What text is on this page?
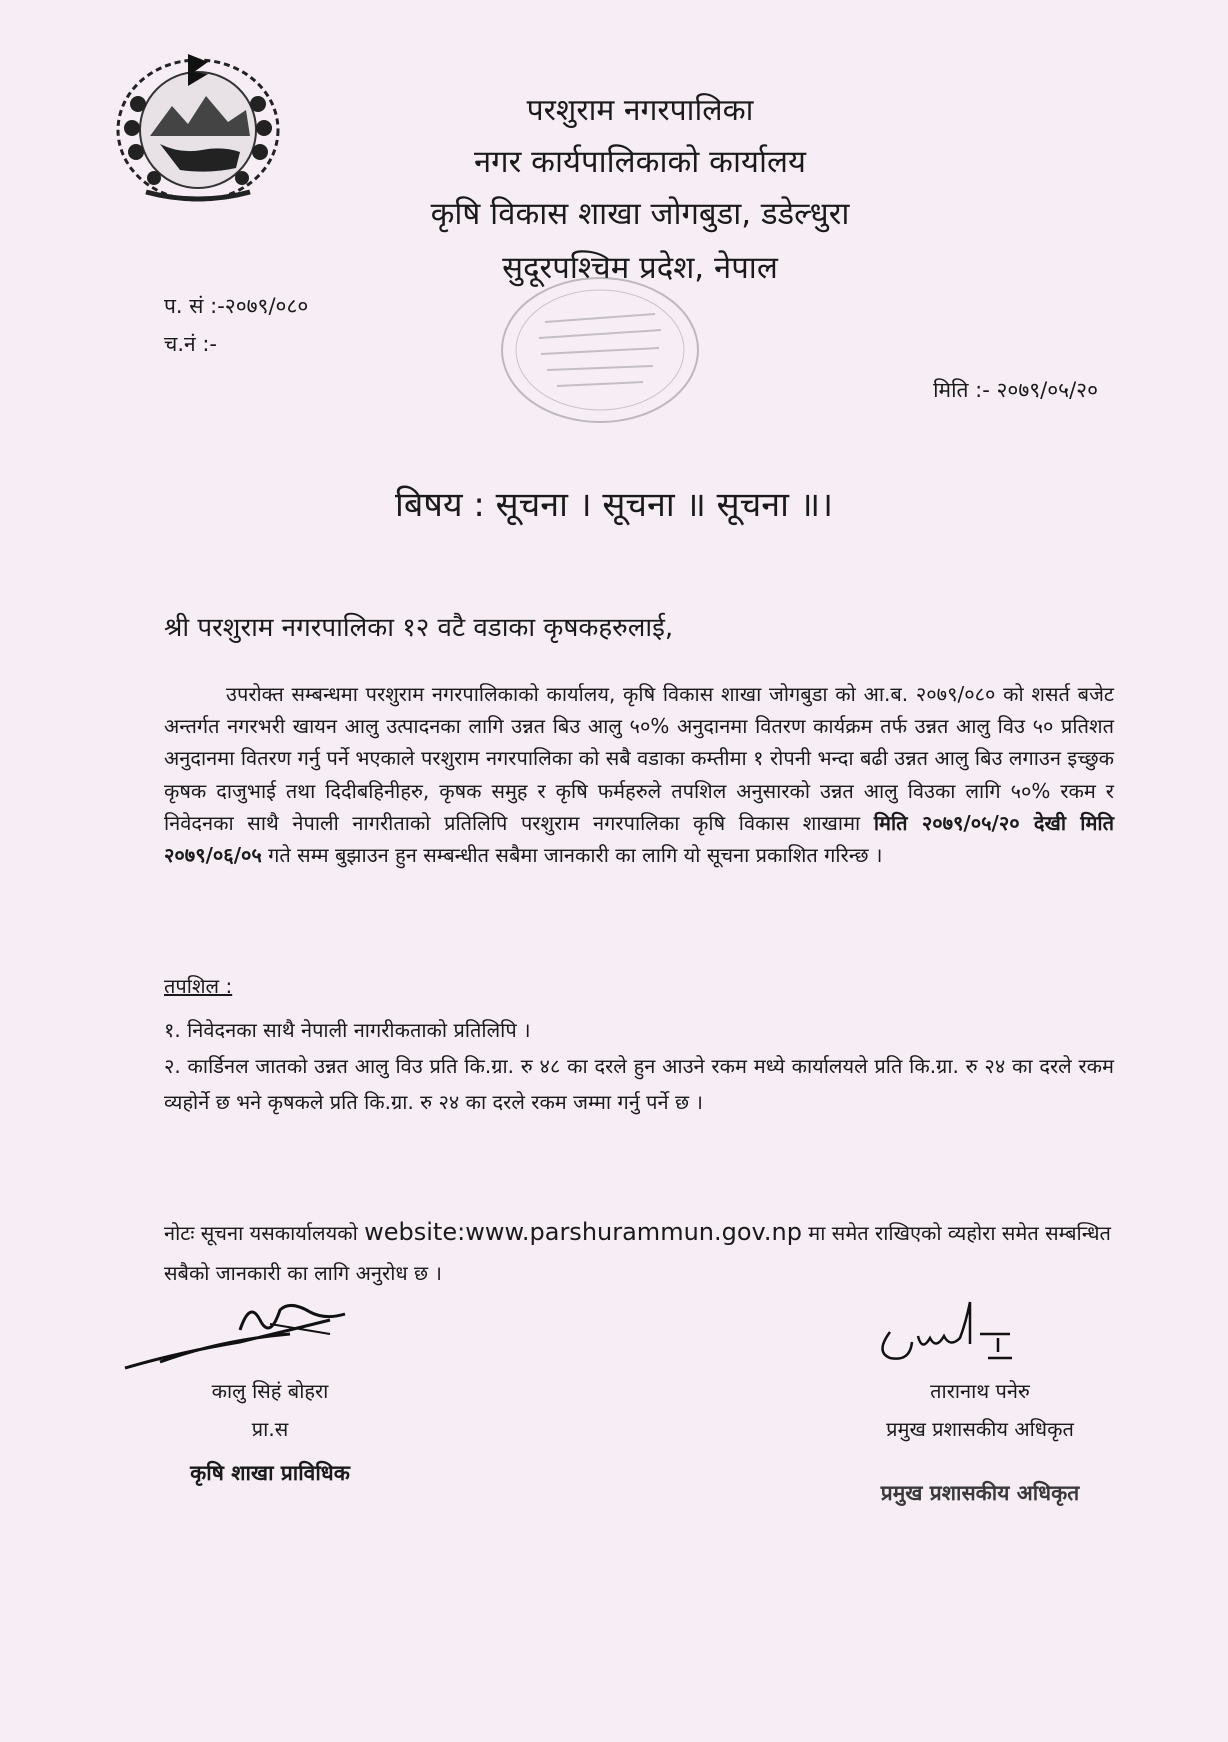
परशुराम नगरपालिका
नगर कार्यपालिकाको कार्यालय
कृषि विकास शाखा जोगबुडा, डडेल्धुरा
सुदूरपश्चिम प्रदेश, नेपाल
प. सं :-२०७९/०८०
च.नं :-
मिति :- २०७९/०५/२०
बिषय : सूचना । सूचना ॥ सूचना ॥।
श्री परशुराम नगरपालिका १२ वटै वडाका कृषकहरुलाई,
उपरोक्त सम्बन्धमा परशुराम नगरपालिकाको कार्यालय, कृषि विकास शाखा जोगबुडा को आ.ब. २०७९/०८० को शसर्त बजेट अन्तर्गत नगरभरी खायन आलु उत्पादनका लागि उन्नत बिउ आलु ५०% अनुदानमा वितरण कार्यक्रम तर्फ उन्नत आलु विउ ५० प्रतिशत अनुदानमा वितरण गर्नु पर्ने भएकाले परशुराम नगरपालिका को सबै वडाका कम्तीमा १ रोपनी भन्दा बढी उन्नत आलु बिउ लगाउन इच्छुक कृषक दाजुभाई तथा दिदीबहिनीहरु, कृषक समुह र कृषि फर्महरुले तपशिल अनुसारको उन्नत आलु विउका लागि ५०% रकम र निवेदनका साथै नेपाली नागरीताको प्रतिलिपि परशुराम नगरपालिका कृषि विकास शाखामा मिति २०७९/०५/२० देखी मिति २०७९/०६/०५ गते सम्म बुझाउन हुन सम्बन्धीत सबैमा जानकारी का लागि यो सूचना प्रकाशित गरिन्छ ।
तपशिल :
१. निवेदनका साथै नेपाली नागरीकताको प्रतिलिपि ।
२. कार्डिनल जातको उन्नत आलु विउ प्रति कि.ग्रा. रु ४८ का दरले हुन आउने रकम मध्ये कार्यालयले प्रति कि.ग्रा. रु २४ का दरले रकम व्यहोर्ने छ भने कृषकले प्रति कि.ग्रा. रु २४ का दरले रकम जम्मा गर्नु पर्ने छ ।
नोटः सूचना यसकार्यालयको website:www.parshurammun.gov.np मा समेत राखिएको व्यहोरा समेत सम्बन्धित सबैको जानकारी का लागि अनुरोध छ ।
कालु सिहं बोहरा
प्रा.स
कृषि शाखा प्राविधिक
तारानाथ पनेरु
प्रमुख प्रशासकीय अधिकृत
प्रमुख प्रशासकीय अधिकृत
